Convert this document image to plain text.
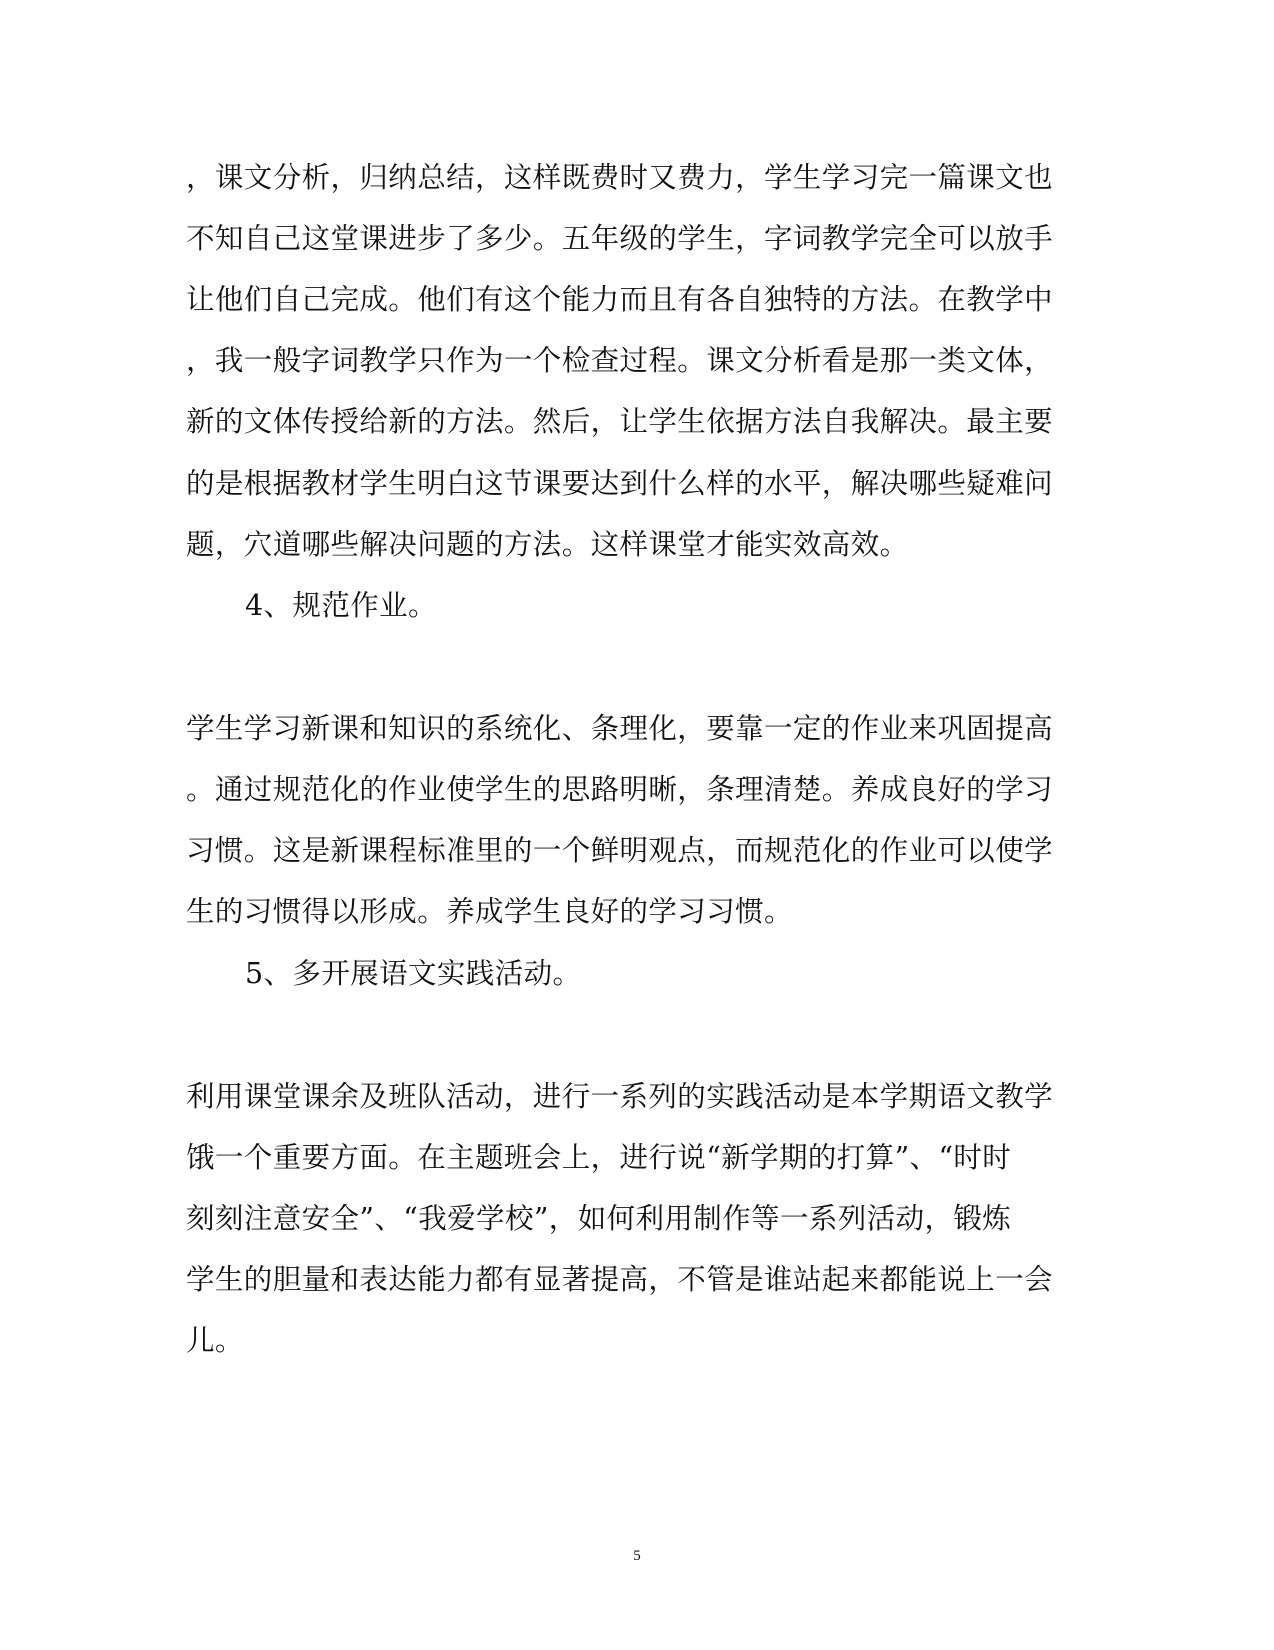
，课文分析，归纳总结，这样既费时又费力，学生学习完一篇课文也
不知自己这堂课进步了多少。五年级的学生，字词教学完全可以放手
让他们自己完成。他们有这个能力而且有各自独特的方法。在教学中
，我一般字词教学只作为一个检查过程。课文分析看是那一类文体，
新的文体传授给新的方法。然后，让学生依据方法自我解决。最主要
的是根据教材学生明白这节课要达到什么样的水平，解决哪些疑难问
题，穴道哪些解决问题的方法。这样课堂才能实效高效。
4、规范作业。
学生学习新课和知识的系统化、条理化，要靠一定的作业来巩固提高
。通过规范化的作业使学生的思路明晰，条理清楚。养成良好的学习
习惯。这是新课程标准里的一个鲜明观点，而规范化的作业可以使学
生的习惯得以形成。养成学生良好的学习习惯。
5、多开展语文实践活动。
利用课堂课余及班队活动，进行一系列的实践活动是本学期语文教学
饿一个重要方面。在主题班会上，进行说“新学期的打算”、“时时
刻刻注意安全”、“我爱学校”，如何利用制作等一系列活动，锻炼
学生的胆量和表达能力都有显著提高，不管是谁站起来都能说上一会
儿。
5
